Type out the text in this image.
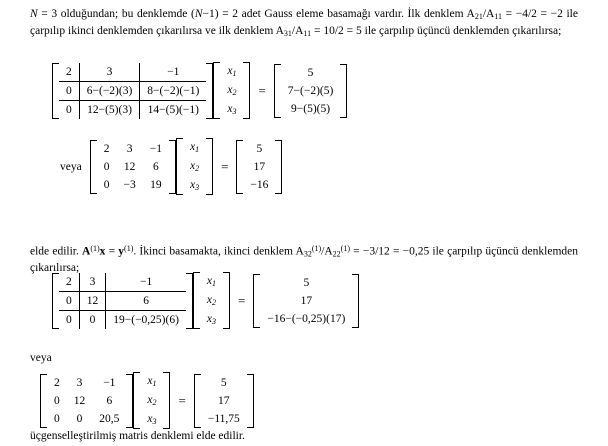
N = 3 olduğundan; bu denklemde (N−1) = 2 adet Gauss eleme basamağı vardır. İlk denklem $A_{21}/A_{11} = -4/2 = -2$ ile çarpılıp ikinci denklemden çıkarılırsa ve ilk denklem $A_{31}/A_{11} = 10/2 = 5$ ile çarpılıp üçüncü denklemden çıkarılırsa;
2	3	−1
0	6−(−2)(3)	8−(−2)(−1)
0	12−(5)(3)	14−(5)(−1)
$x_1$
$x_2$
$x_3$
=
5
7−(−2)(5)
9−(5)(5)
veya
2	3	−1
0	12	6
0	−3	19
$x_1$
$x_2$
$x_3$
=
5
17
−16
elde edilir. $A^{(1)}x = y^{(1)}$. İkinci basamakta, ikinci denklem $A_{32}^{(1)}/A_{22}^{(1)} = -3/12 = -0,25$ ile çarpılıp üçüncü denklemden çıkarılırsa;
2	3	−1
0	12	6
0	0	19−(−0,25)(6)
$x_1$
$x_2$
$x_3$
=
5
17
−16−(−0,25)(17)
veya
2	3	−1
0	12	6
0	0	20,5
$x_1$
$x_2$
$x_3$
=
5
17
−11,75
üçgenselleştirilmiş matris denklemi elde edilir.
